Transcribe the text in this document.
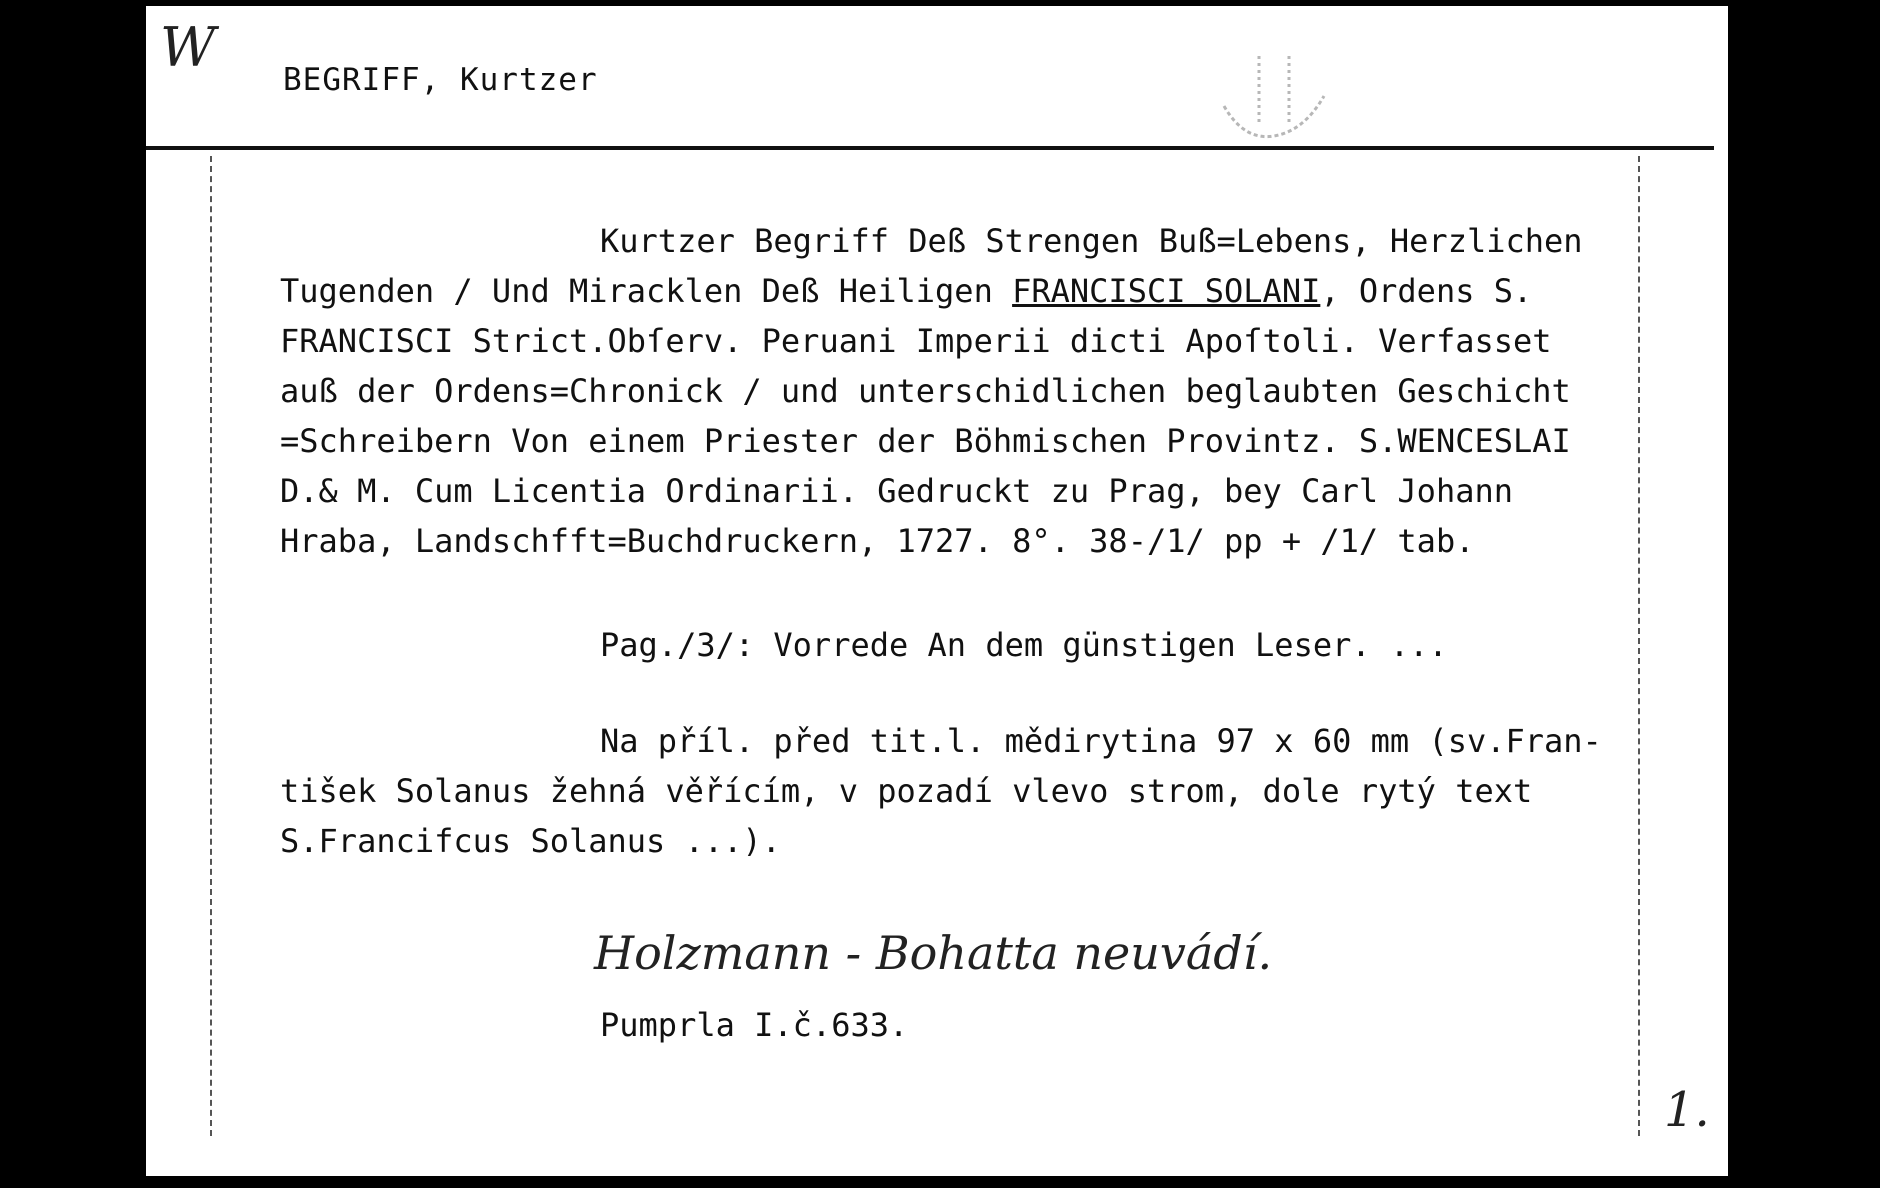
W
BEGRIFF, Kurtzer
Kurtzer Begriff Deß Strengen Buß=Lebens, Herzlichen
Tugenden / Und Miracklen Deß Heiligen FRANCISCI SOLANI, Ordens S.
FRANCISCI Strict.Obſerv. Peruani Imperii dicti Apoſtoli. Verfasset
auß der Ordens=Chronick / und unterschidlichen beglaubten Geschicht
=Schreibern Von einem Priester der Böhmischen Provintz. S.WENCESLAI
D.& M. Cum Licentia Ordinarii. Gedruckt zu Prag, bey Carl Johann
Hraba, Landschfft=Buchdruckern, 1727. 8°. 38-/1/ pp + /1/ tab.
Pag./3/: Vorrede An dem günstigen Leser. ...
Na příl. před tit.l. mědirytina 97 x 60 mm (sv.Fran-
tišek Solanus žehná věřícím, v pozadí vlevo strom, dole rytý text
S.Francifcus Solanus ...).
Holzmann - Bohatta neuvádí.
Pumprla I.č.633.
1.
